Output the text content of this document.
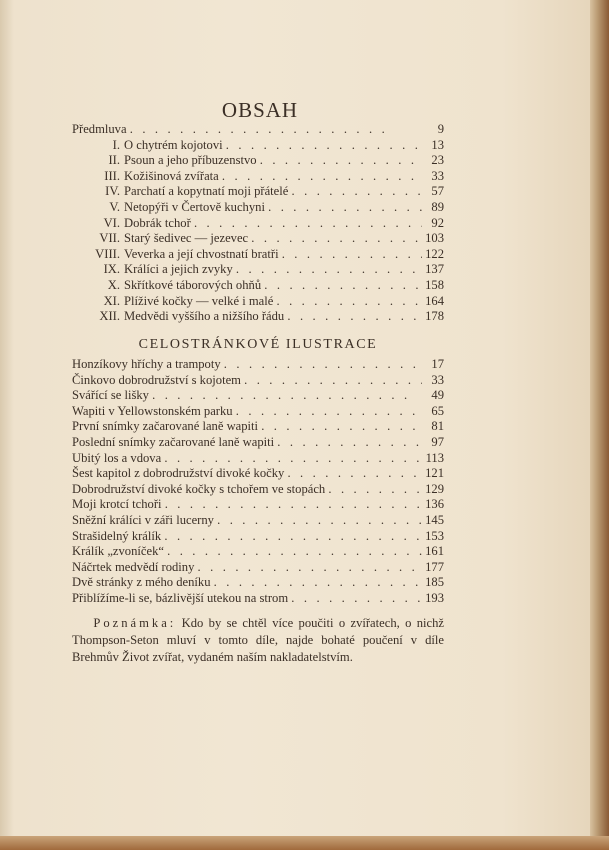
OBSAH
Předmluva . .	9
I. O chytrém kojotovi . .	13
II. Psoun a jeho příbuzenstvo . .	23
III. Kožišinová zvířata . .	33
IV. Parchatí a kopytnatí moji přátelé . .	57
V. Netopýři v Čertově kuchyni . .	89
VI. Dobrák tchoř . .	92
VII. Starý šedivec — jezevec . .	103
VIII. Veverka a její chvostnatí bratři . .	122
IX. Králíci a jejich zvyky . .	137
X. Skřítkové táborových ohňů . .	158
XI. Plíživé kočky — velké i malé . .	164
XII. Medvědi vyššího a nižšího řádu . .	178
CELOSTRÁNKOVÉ ILUSTRACE
Honzíkovy hříchy a trampoty . .	17
Činkovo dobrodružství s kojotem . .	33
Svářící se lišky . .	49
Wapiti v Yellowstonském parku . .	65
První snímky začarované laně wapiti . .	81
Poslední snímky začarované laně wapiti . .	97
Ubitý los a vdova . .	113
Šest kapitol z dobrodružství divoké kočky . .	121
Dobrodružství divoké kočky s tchořem ve stopách . .	129
Moji krotcí tchoři . .	136
Sněžní králíci v záři lucerny . .	145
Strašidelný králík . .	153
Králík „zvoníček“ . .	161
Náčrtek medvědí rodiny . .	177
Dvě stránky z mého deníku . .	185
Přiblížíme-li se, bázlivější utekou na strom . .	193
Poznámka: Kdo by se chtěl více poučiti o zvířatech, o nichž Thompson-Seton mluví v tomto díle, najde bohaté poučení v díle Brehmův Život zvířat, vydaném naším nakladatelstvím.
